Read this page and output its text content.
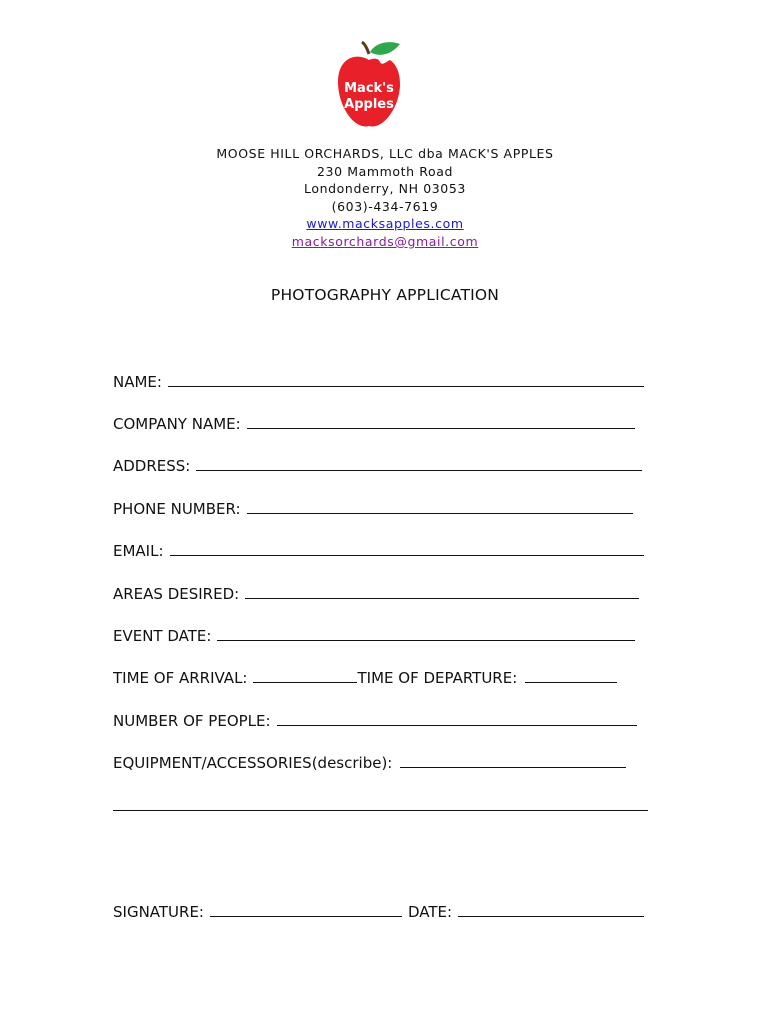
Mack's
Apples
MOOSE HILL ORCHARDS, LLC dba MACK'S APPLES
230 Mammoth Road
Londonderry, NH 03053
(603)-434-7619
www.macksapples.com
macksorchards@gmail.com
PHOTOGRAPHY APPLICATION
NAME:
COMPANY NAME:
ADDRESS:
PHONE NUMBER:
EMAIL:
AREAS DESIRED:
EVENT DATE:
TIME OF ARRIVAL:	TIME OF DEPARTURE:
NUMBER OF PEOPLE:
EQUIPMENT/ACCESSORIES(describe):
SIGNATURE:	DATE:
